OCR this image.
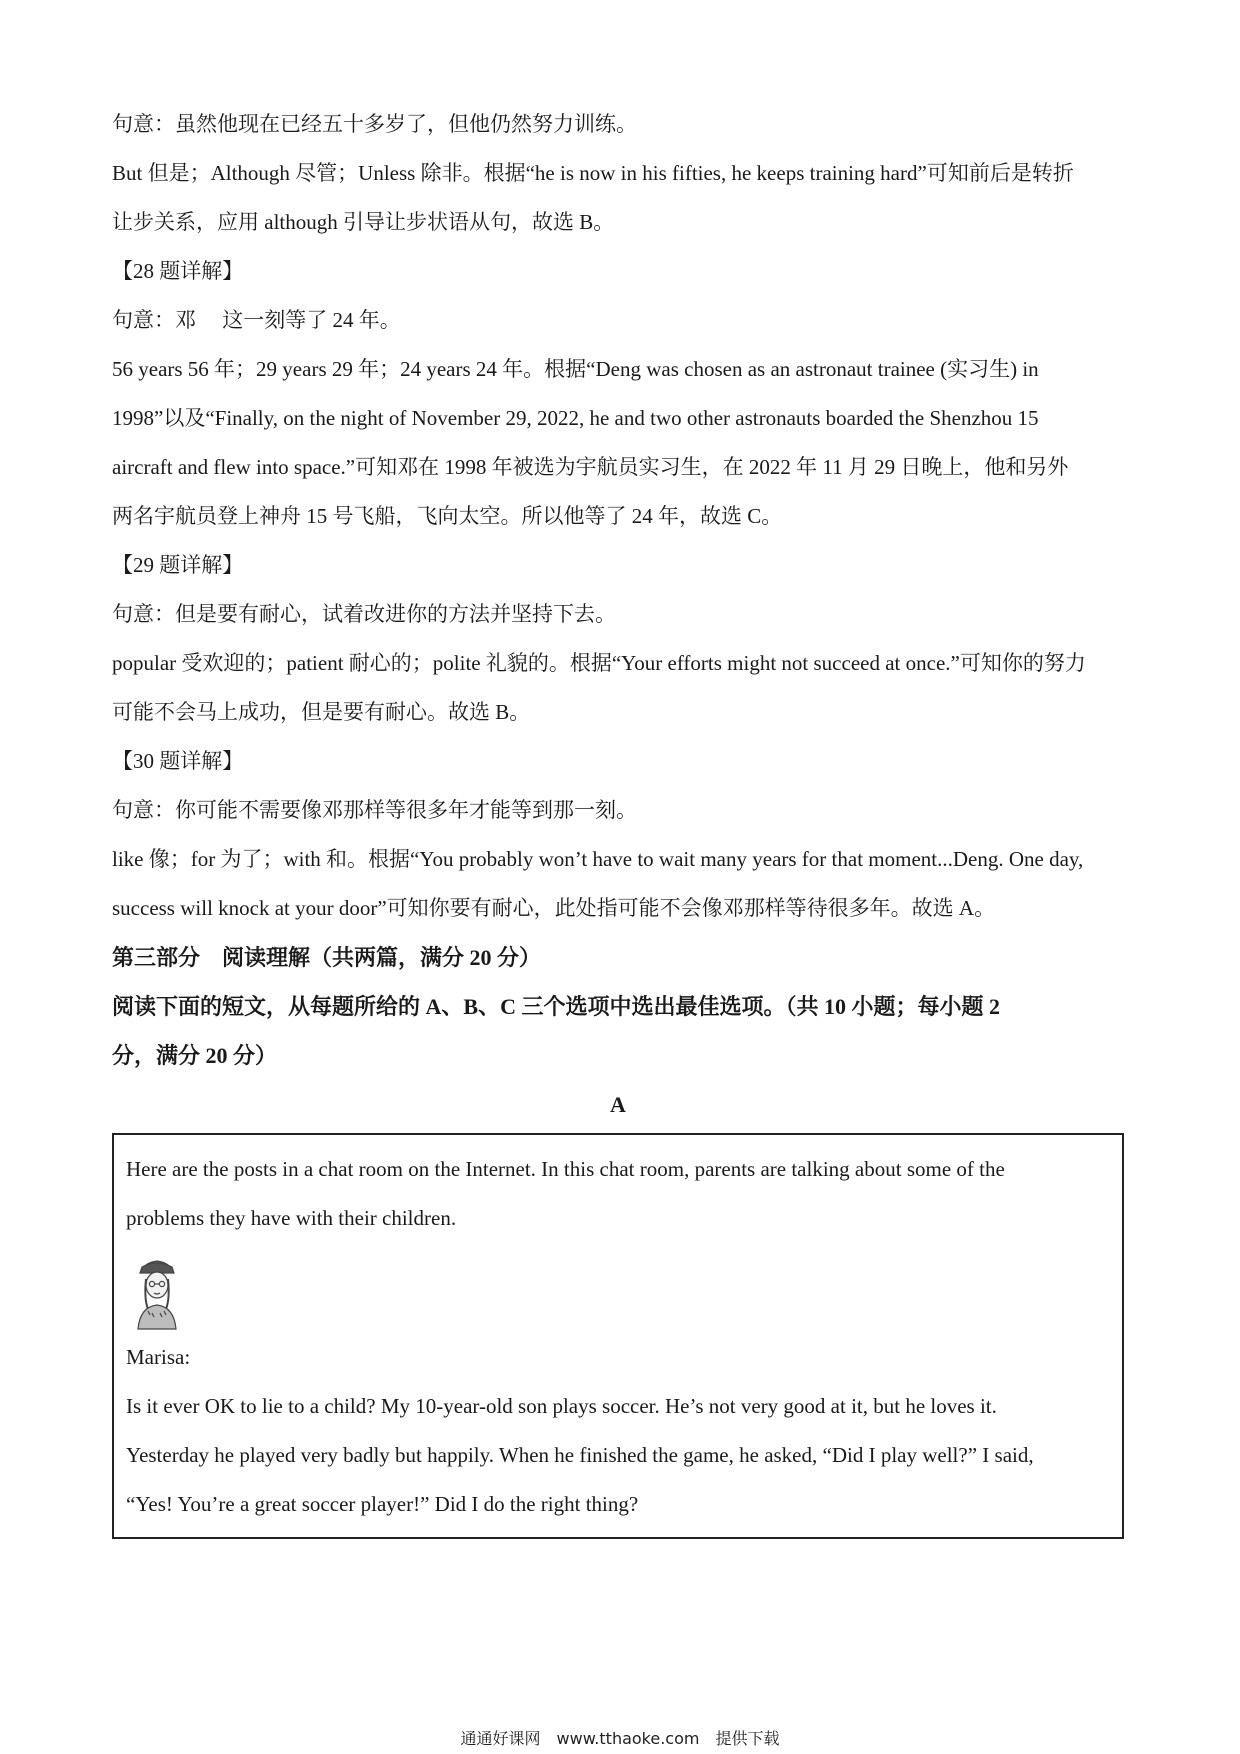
句意：虽然他现在已经五十多岁了，但他仍然努力训练。

But 但是；Although 尽管；Unless 除非。根据“he is now in his fifties, he keeps training hard”可知前后是转折

让步关系，应用 although 引导让步状语从句，故选 B。

【28 题详解】

句意：邓　 这一刻等了 24 年。

56 years 56 年；29 years 29 年；24 years 24 年。根据“Deng was chosen as an astronaut trainee (实习生) in

1998”以及“Finally, on the night of November 29, 2022, he and two other astronauts boarded the Shenzhou 15

aircraft and flew into space.”可知邓在 1998 年被选为宇航员实习生，在 2022 年 11 月 29 日晚上，他和另外

两名宇航员登上神舟 15 号飞船，飞向太空。所以他等了 24 年，故选 C。

【29 题详解】

句意：但是要有耐心，试着改进你的方法并坚持下去。

popular 受欢迎的；patient 耐心的；polite 礼貌的。根据“Your efforts might not succeed at once.”可知你的努力

可能不会马上成功，但是要有耐心。故选 B。

【30 题详解】

句意：你可能不需要像邓那样等很多年才能等到那一刻。

like 像；for 为了；with 和。根据“You probably won’t have to wait many years for that moment...Deng. One day,

success will knock at your door”可知你要有耐心，此处指可能不会像邓那样等待很多年。故选 A。

第三部分　阅读理解（共两篇，满分 20 分）

阅读下面的短文，从每题所给的 A、B、C 三个选项中选出最佳选项。（共 10 小题；每小题 2

分，满分 20 分）

A

Here are the posts in a chat room on the Internet. In this chat room, parents are talking about some of the

problems they have with their children.

Marisa:

Is it ever OK to lie to a child? My 10-year-old son plays soccer. He’s not very good at it, but he loves it.

Yesterday he played very badly but happily. When he finished the game, he asked, “Did I play well?” I said,

“Yes! You’re a great soccer player!” Did I do the right thing?

通通好课网　www.tthaoke.com　提供下载
